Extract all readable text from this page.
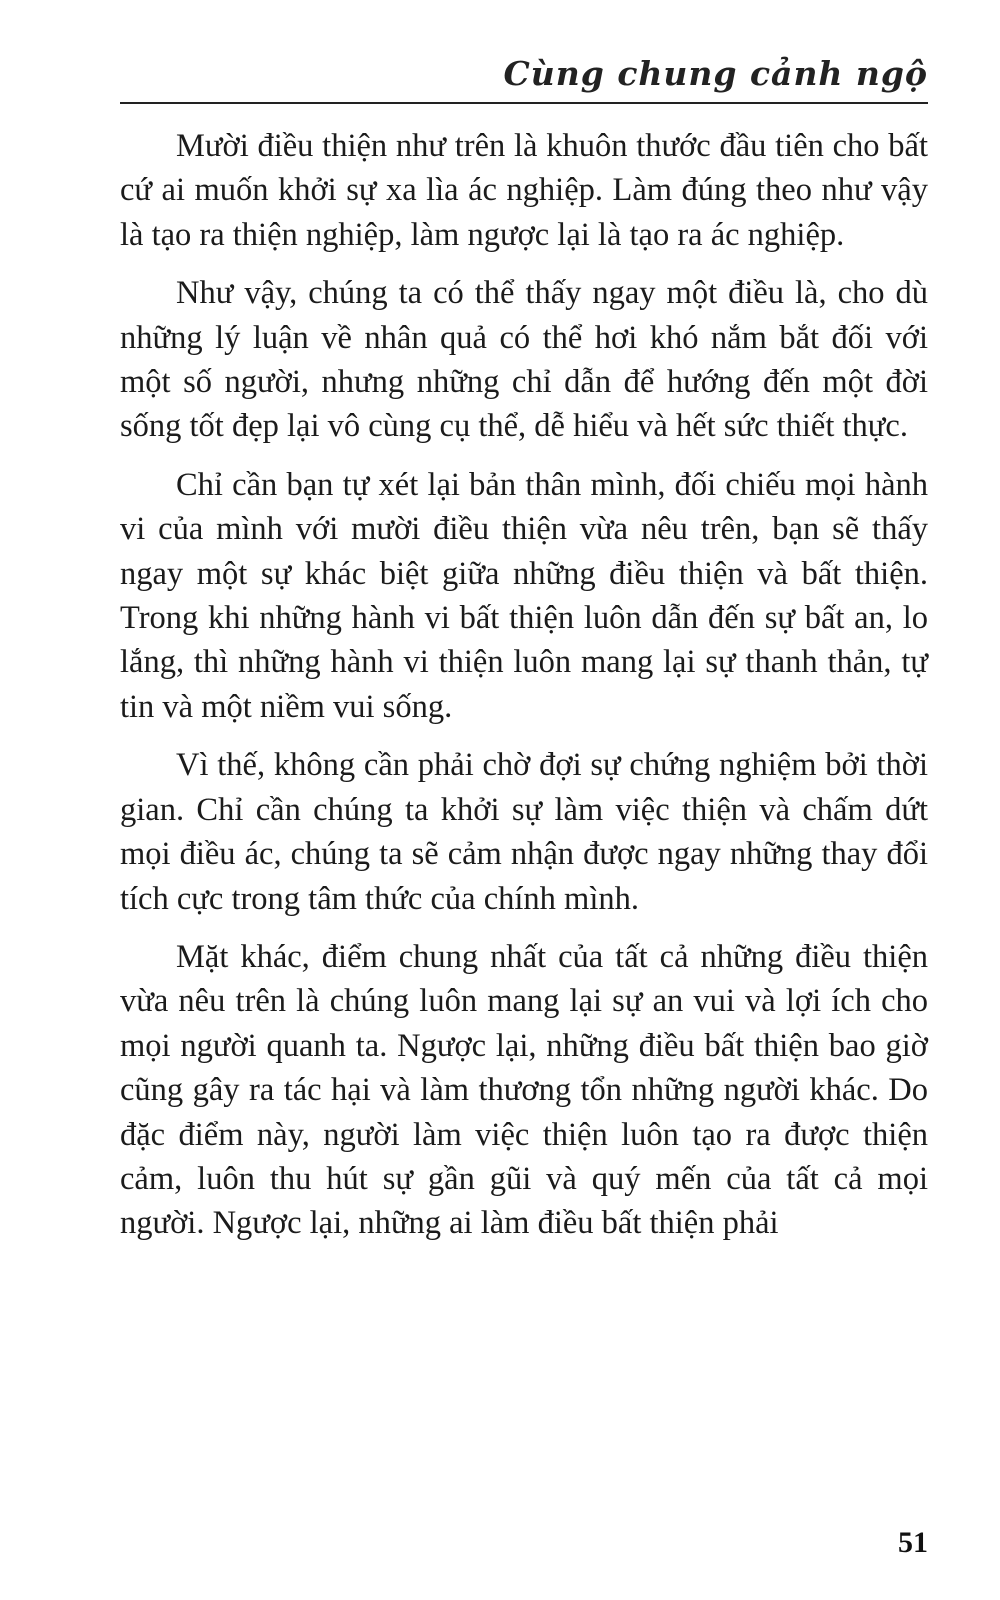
Cùng chung cảnh ngộ

Mười điều thiện như trên là khuôn thước đầu tiên cho bất cứ ai muốn khởi sự xa lìa ác nghiệp. Làm đúng theo như vậy là tạo ra thiện nghiệp, làm ngược lại là tạo ra ác nghiệp.

Như vậy, chúng ta có thể thấy ngay một điều là, cho dù những lý luận về nhân quả có thể hơi khó nắm bắt đối với một số người, nhưng những chỉ dẫn để hướng đến một đời sống tốt đẹp lại vô cùng cụ thể, dễ hiểu và hết sức thiết thực.

Chỉ cần bạn tự xét lại bản thân mình, đối chiếu mọi hành vi của mình với mười điều thiện vừa nêu trên, bạn sẽ thấy ngay một sự khác biệt giữa những điều thiện và bất thiện. Trong khi những hành vi bất thiện luôn dẫn đến sự bất an, lo lắng, thì những hành vi thiện luôn mang lại sự thanh thản, tự tin và một niềm vui sống.

Vì thế, không cần phải chờ đợi sự chứng nghiệm bởi thời gian. Chỉ cần chúng ta khởi sự làm việc thiện và chấm dứt mọi điều ác, chúng ta sẽ cảm nhận được ngay những thay đổi tích cực trong tâm thức của chính mình.

Mặt khác, điểm chung nhất của tất cả những điều thiện vừa nêu trên là chúng luôn mang lại sự an vui và lợi ích cho mọi người quanh ta. Ngược lại, những điều bất thiện bao giờ cũng gây ra tác hại và làm thương tổn những người khác. Do đặc điểm này, người làm việc thiện luôn tạo ra được thiện cảm, luôn thu hút sự gần gũi và quý mến của tất cả mọi người. Ngược lại, những ai làm điều bất thiện phải

51
